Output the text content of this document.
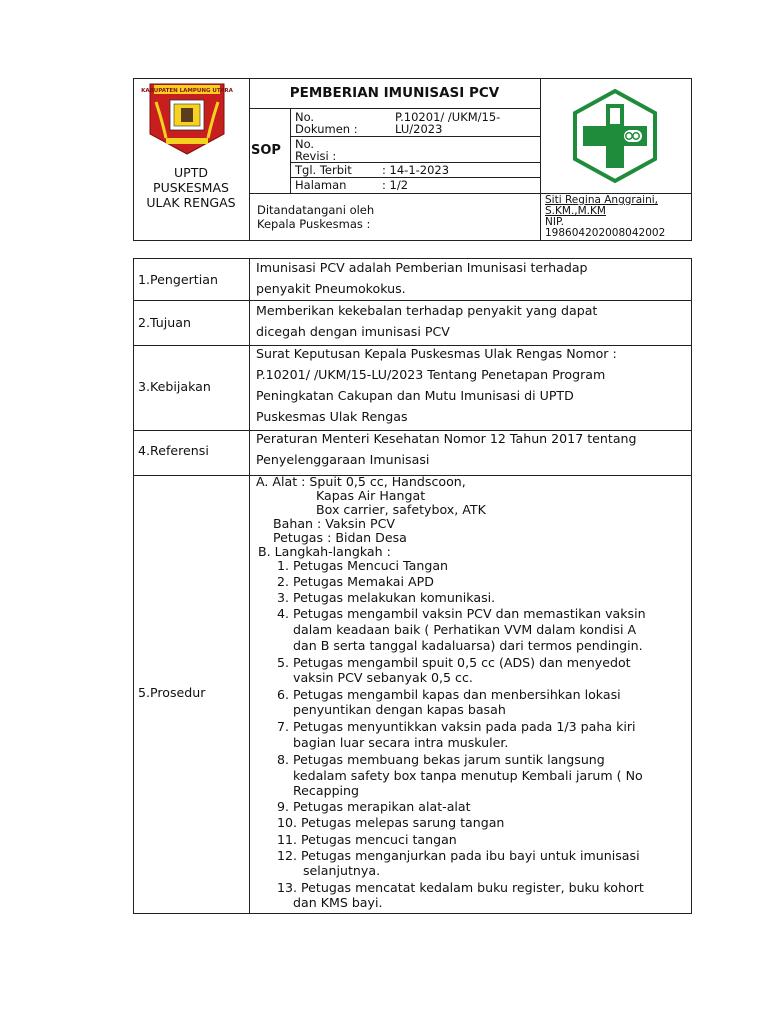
KABUPATEN LAMPUNG UTARA
UPTD
PUSKESMAS
ULAK RENGAS
PEMBERIAN IMUNISASI PCV
SOP
No.
Dokumen :
P.10201/ /UKM/15-
LU/2023
No.
Revisi :
Tgl. Terbit	: 14-1-2023
Halaman	: 1/2
Ditandatangani oleh
Kepala Puskesmas :
Siti Regina Anggraini,
S.KM.,M.KM
NIP.
198604202008042002
1.Pengertian
2.Tujuan
3.Kebijakan
4.Referensi
5.Prosedur
Imunisasi PCV adalah Pemberian Imunisasi terhadap
penyakit Pneumokokus.
Memberikan kekebalan terhadap penyakit yang dapat
dicegah dengan imunisasi PCV
Surat Keputusan Kepala Puskesmas Ulak Rengas Nomor :
P.10201/ /UKM/15-LU/2023 Tentang Penetapan Program
Peningkatan Cakupan dan Mutu Imunisasi di UPTD
Puskesmas Ulak Rengas
Peraturan Menteri Kesehatan Nomor 12 Tahun 2017 tentang
Penyelenggaraan Imunisasi
A. Alat : Spuit 0,5 cc, Handscoon,
Kapas Air Hangat
Box carrier, safetybox, ATK
Bahan : Vaksin PCV
Petugas : Bidan Desa
B. Langkah-langkah :
1. Petugas Mencuci Tangan
2. Petugas Memakai APD
3. Petugas melakukan komunikasi.
4. Petugas mengambil vaksin PCV dan memastikan vaksin
dalam keadaan baik ( Perhatikan VVM dalam kondisi A
dan B serta tanggal kadaluarsa) dari termos pendingin.
5. Petugas mengambil spuit 0,5 cc (ADS) dan menyedot
vaksin PCV sebanyak 0,5 cc.
6. Petugas mengambil kapas dan menbersihkan lokasi
penyuntikan dengan kapas basah
7. Petugas menyuntikkan vaksin pada pada 1/3 paha kiri
bagian luar secara intra muskuler.
8. Petugas membuang bekas jarum suntik langsung
kedalam safety box tanpa menutup Kembali jarum ( No
Recapping
9. Petugas merapikan alat-alat
10. Petugas melepas sarung tangan
11. Petugas mencuci tangan
12. Petugas menganjurkan pada ibu bayi untuk imunisasi
selanjutnya.
13. Petugas mencatat kedalam buku register, buku kohort
dan KMS bayi.
